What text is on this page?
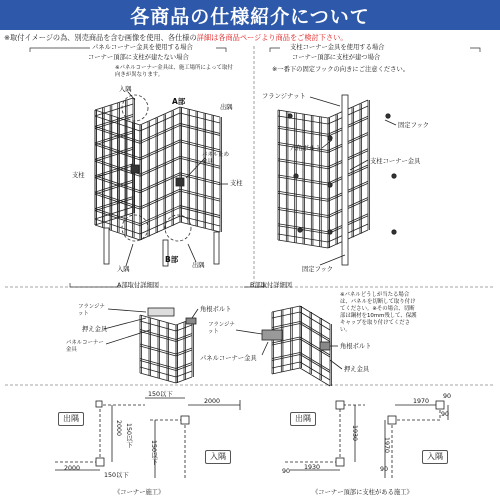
各商品の仕様紹介について
※取付イメージの為、別売商品を含む画像を使用、各仕様の詳細は各商品ページより商品をご検討下さい。
パネルコーナー金具を使用する場合
コーナー頂部に支柱が建たない場合
※パネルコーナー金具は、施工場所によって取付向きが異なります。
入隅
A部
出隅
支柱
支柱
パネル止め金具
入隅
B部
出隅
支柱コーナー金具を使用する場合
コーナー頂部に支柱が建つ場合
※一番下の固定フックの向きにご注意ください。
フランジナット
固定フック
六角ボルト
支柱コーナー金具
固定フック
A部取付詳細図
フランジナット
角根ボルト
押え金具
パネルコーナー金具
B部取付詳細図
フランジナット
パネルコーナー金具
角根ボルト
押え金具
※パネルどうしが当たる場合は、パネルを切断して取り付けてください。※その場合、切断部は鋼材を10mm残して、保護キャップを取り付けてください。
出隅
入隅
150以下
2000
2000 150以下
2000
150以下
150以下
《コーナー施工》
出隅
入隅
90
1970
1930
1930
90
1970
90
90
《コーナー頂部に支柱がある施工》
